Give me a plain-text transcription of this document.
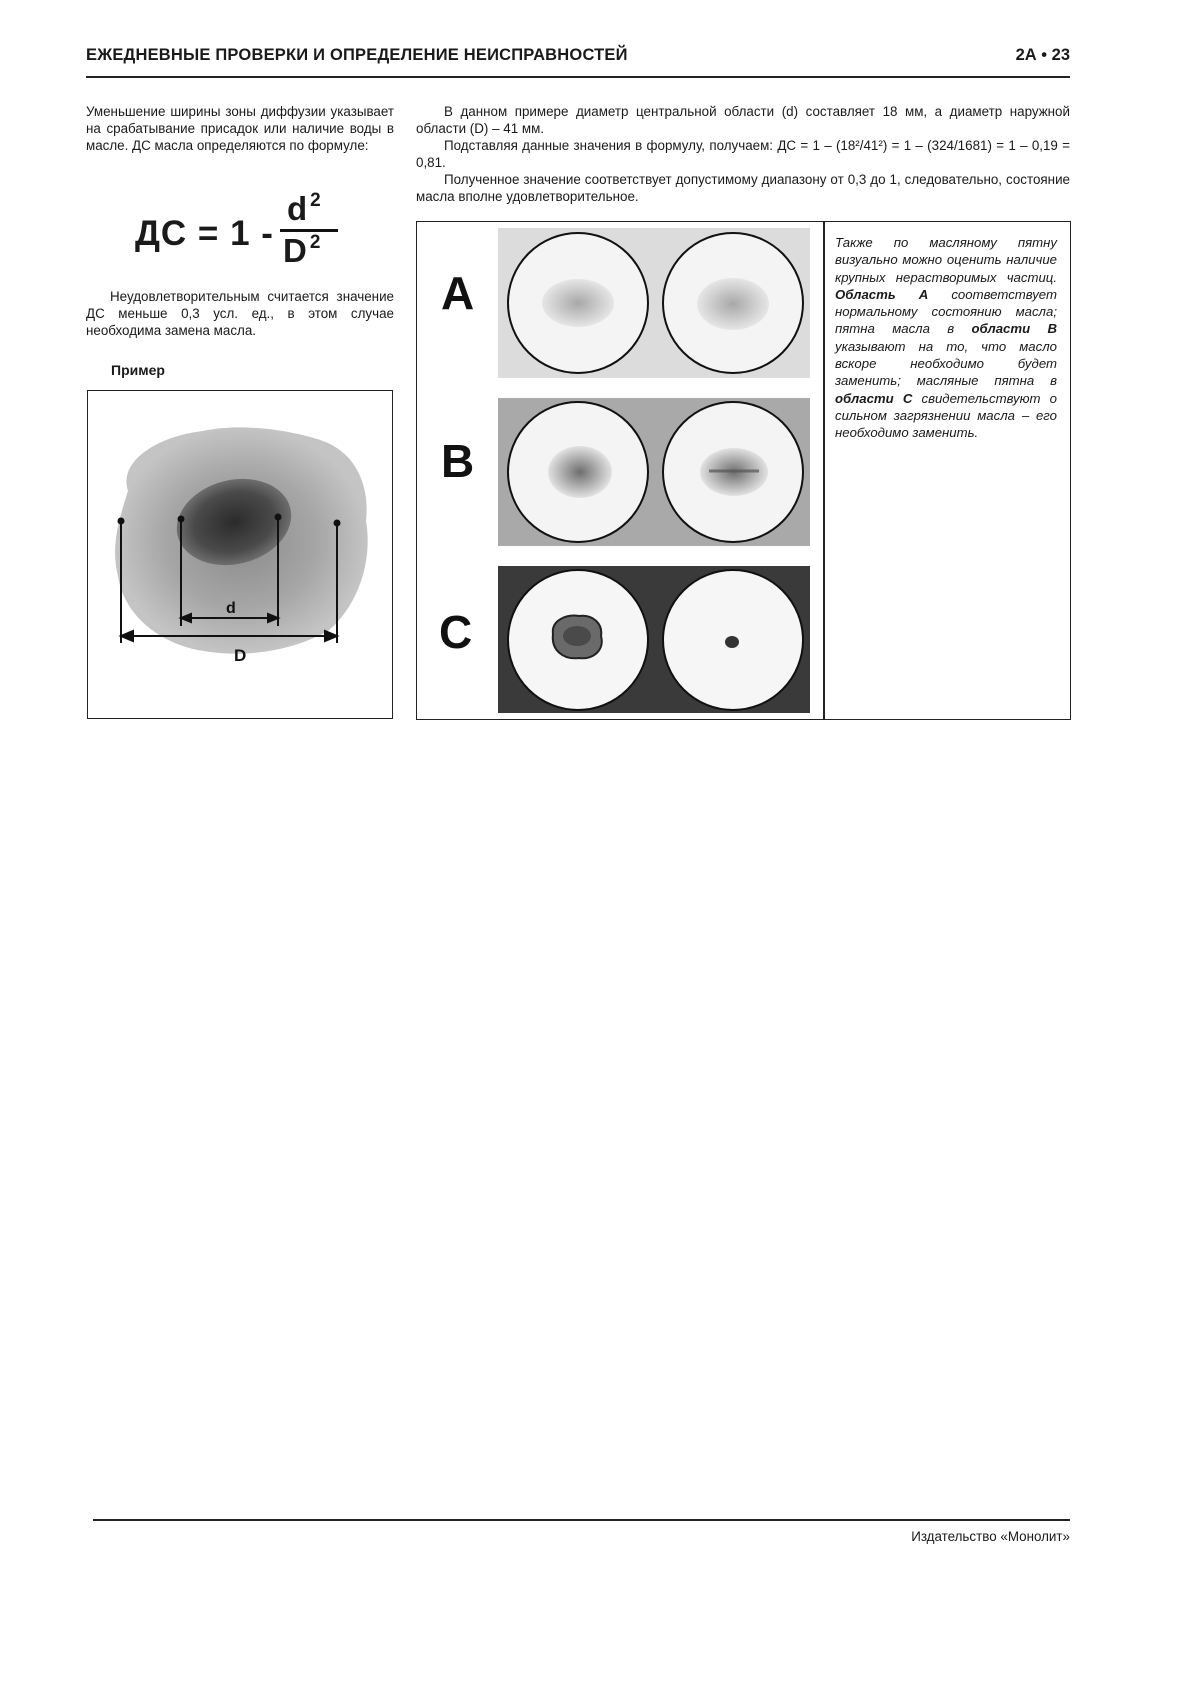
ЕЖЕДНЕВНЫЕ ПРОВЕРКИ И ОПРЕДЕЛЕНИЕ НЕИСПРАВНОСТЕЙ	2А • 23

Уменьшение ширины зоны диффузии указывает на срабатывание присадок или наличие воды в масле. ДС масла определяются по формуле:

ДС = 1 -
d $^2$
D $^2$

Неудовлетворительным считается значение ДС меньше 0,3 усл. ед., в этом случае необходима замена масла.

Пример
d
D

В данном примере диаметр центральной области (d) составляет 18 мм, а диаметр наружной области (D) – 41 мм.

Подставляя данные значения в формулу, получаем: ДС = 1 – (18²/41²) = 1 – (324/1681) = 1 – 0,19 = 0,81.

Полученное значение соответствует допустимому диапазону от 0,3 до 1, следовательно, состояние масла вполне удовлетворительное.

A
B
C
Также по масляному пятну визуально можно оценить наличие крупных нерастворимых частиц. Область А соответствует нормальному состоянию масла; пятна масла в области В указывают на то, что масло вскоре необходимо будет заменить; масляные пятна в области С свидетельствуют о сильном загрязнении масла – его необходимо заменить.
Издательство «Монолит»
